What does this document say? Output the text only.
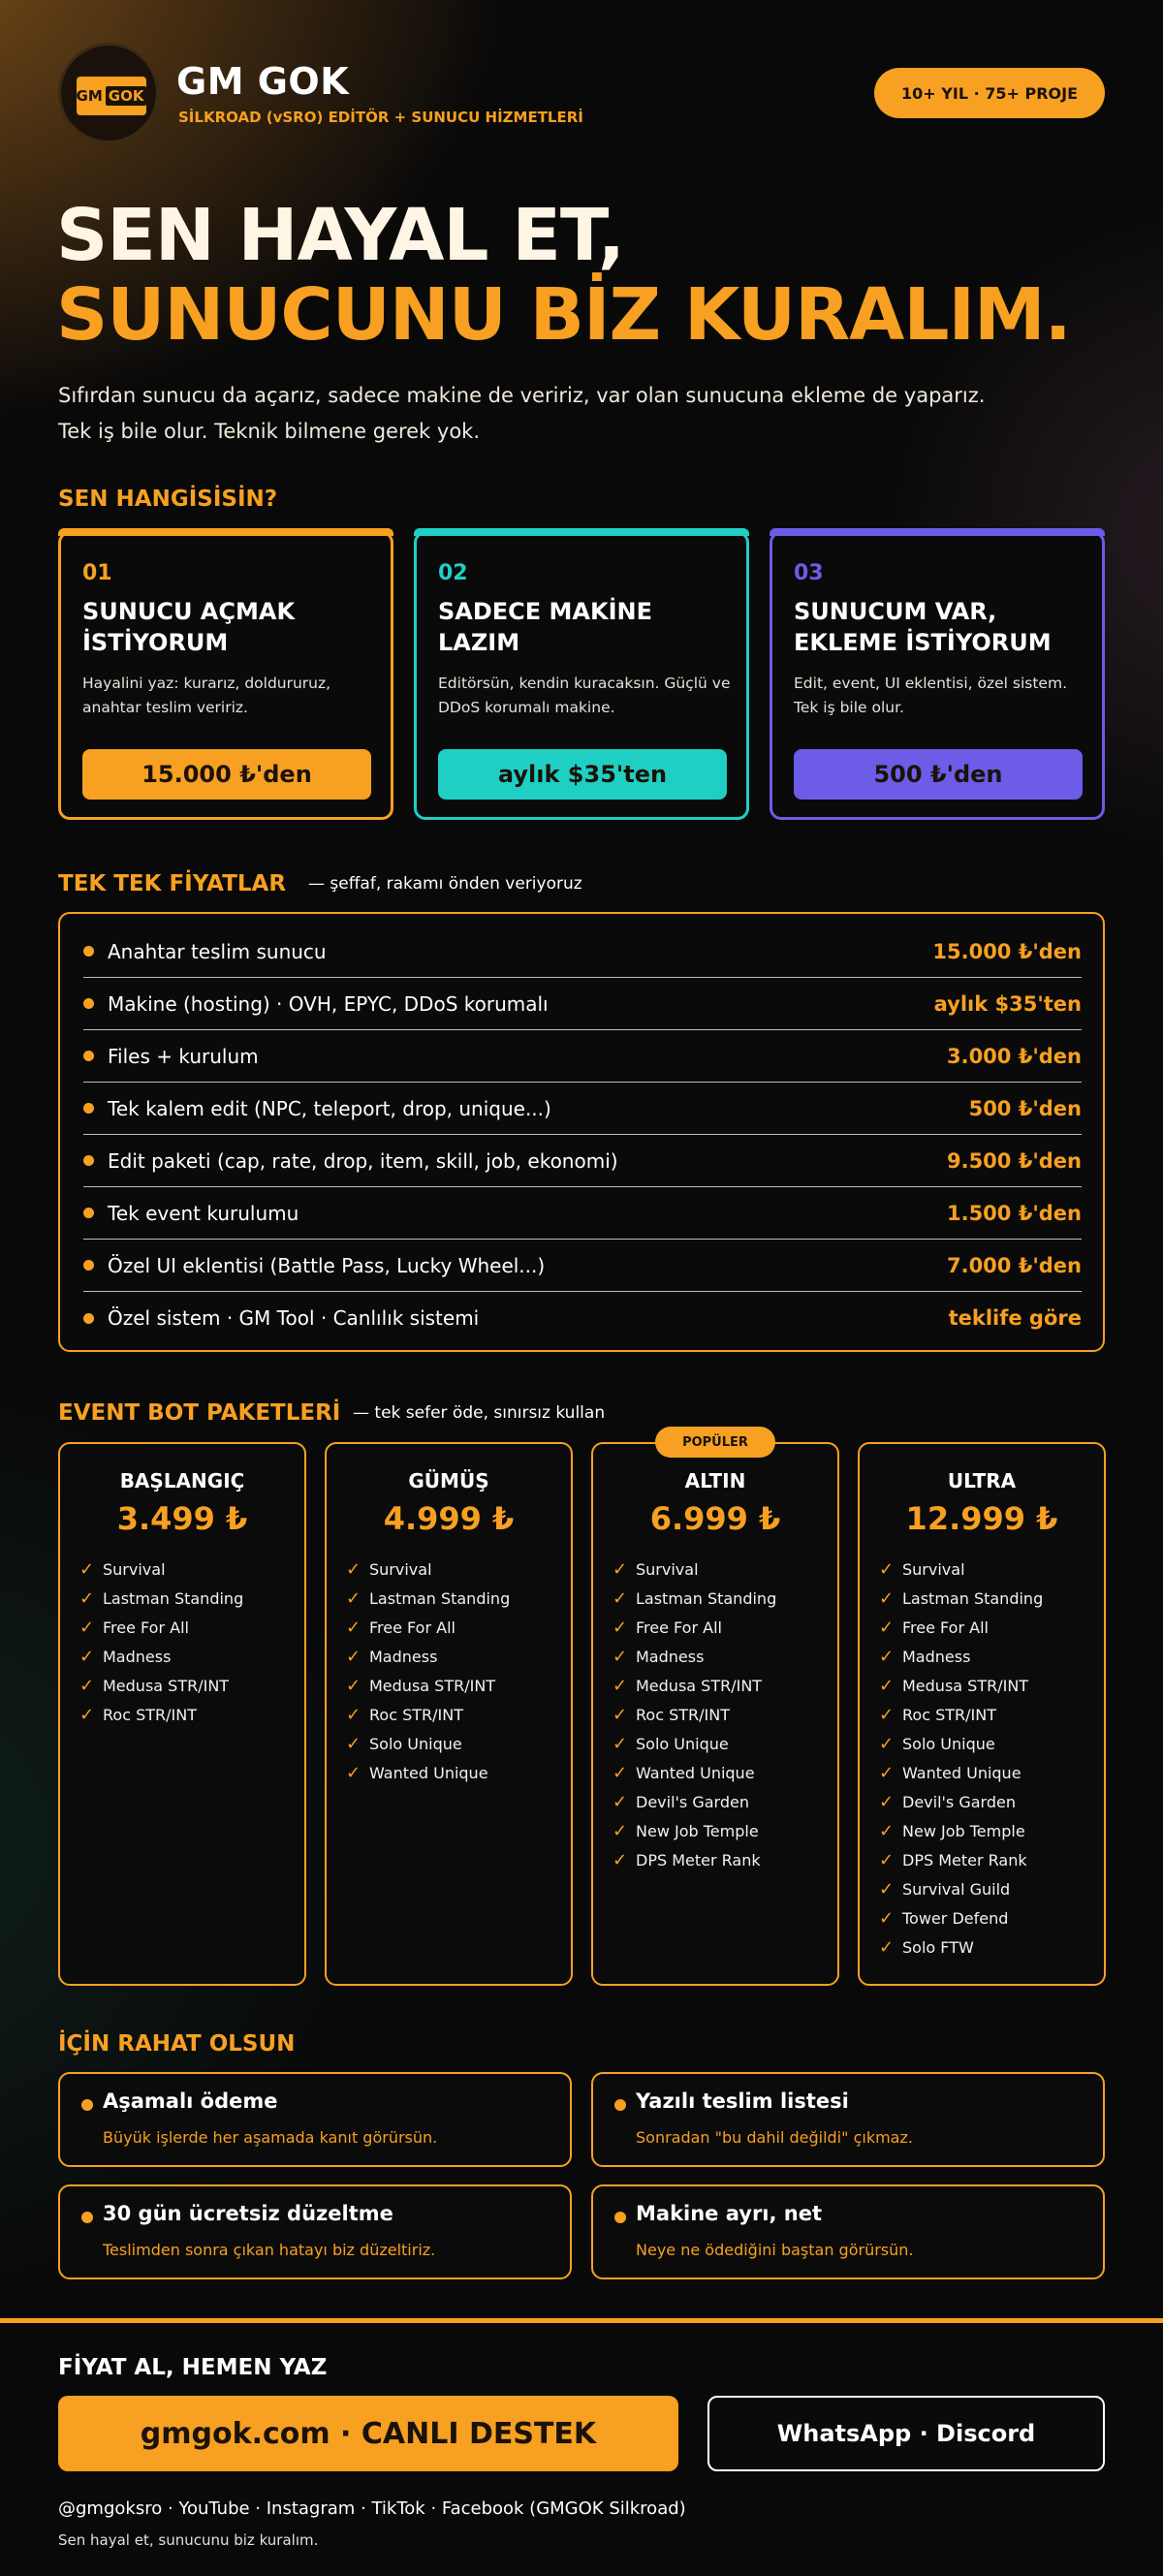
GM GOK GM GOK
SİLKROAD (vSRO) EDİTÖR + SUNUCU HİZMETLERİ
10+ YIL · 75+ PROJE
SEN HAYAL ET,
SUNUCUNU BİZ KURALIM.
Sıfırdan sunucu da açarız, sadece makine de veririz, var olan sunucuna ekleme de yaparız.
Tek iş bile olur. Teknik bilmene gerek yok.
SEN HANGİSİSİN?
01
SUNUCU AÇMAK İSTİYORUM
Hayalini yaz: kurarız, doldururuz, anahtar teslim veririz.
15.000 ₺'den
02
SADECE MAKİNE LAZIM
Editörsün, kendin kuracaksın. Güçlü ve DDoS korumalı makine.
aylık $35'ten
03
SUNUCUM VAR, EKLEME İSTİYORUM
Edit, event, UI eklentisi, özel sistem. Tek iş bile olur.
500 ₺'den
TEK TEK FİYATLAR — şeffaf, rakamı önden veriyoruz
Anahtar teslim sunucu	15.000 ₺'den
Makine (hosting) · OVH, EPYC, DDoS korumalı	aylık $35'ten
Files + kurulum	3.000 ₺'den
Tek kalem edit (NPC, teleport, drop, unique...)	500 ₺'den
Edit paketi (cap, rate, drop, item, skill, job, ekonomi)	9.500 ₺'den
Tek event kurulumu	1.500 ₺'den
Özel UI eklentisi (Battle Pass, Lucky Wheel...)	7.000 ₺'den
Özel sistem · GM Tool · Canlılık sistemi	teklife göre
EVENT BOT PAKETLERİ — tek sefer öde, sınırsız kullan
BAŞLANGIÇ
3.499 ₺
✓ Survival
✓ Lastman Standing
✓ Free For All
✓ Madness
✓ Medusa STR/INT
✓ Roc STR/INT
GÜMÜŞ
4.999 ₺
✓ Survival
✓ Lastman Standing
✓ Free For All
✓ Madness
✓ Medusa STR/INT
✓ Roc STR/INT
✓ Solo Unique
✓ Wanted Unique
POPÜLER
ALTIN
6.999 ₺
✓ Survival
✓ Lastman Standing
✓ Free For All
✓ Madness
✓ Medusa STR/INT
✓ Roc STR/INT
✓ Solo Unique
✓ Wanted Unique
✓ Devil's Garden
✓ New Job Temple
✓ DPS Meter Rank
ULTRA
12.999 ₺
✓ Survival
✓ Lastman Standing
✓ Free For All
✓ Madness
✓ Medusa STR/INT
✓ Roc STR/INT
✓ Solo Unique
✓ Wanted Unique
✓ Devil's Garden
✓ New Job Temple
✓ DPS Meter Rank
✓ Survival Guild
✓ Tower Defend
✓ Solo FTW
İÇİN RAHAT OLSUN
Aşamalı ödeme
Büyük işlerde her aşamada kanıt görürsün.
Yazılı teslim listesi
Sonradan "bu dahil değildi" çıkmaz.
30 gün ücretsiz düzeltme
Teslimden sonra çıkan hatayı biz düzeltiriz.
Makine ayrı, net
Neye ne ödediğini baştan görürsün.
FİYAT AL, HEMEN YAZ
gmgok.com · CANLI DESTEK	WhatsApp · Discord
@gmgoksro · YouTube · Instagram · TikTok · Facebook (GMGOK Silkroad)
Sen hayal et, sunucunu biz kuralım.
